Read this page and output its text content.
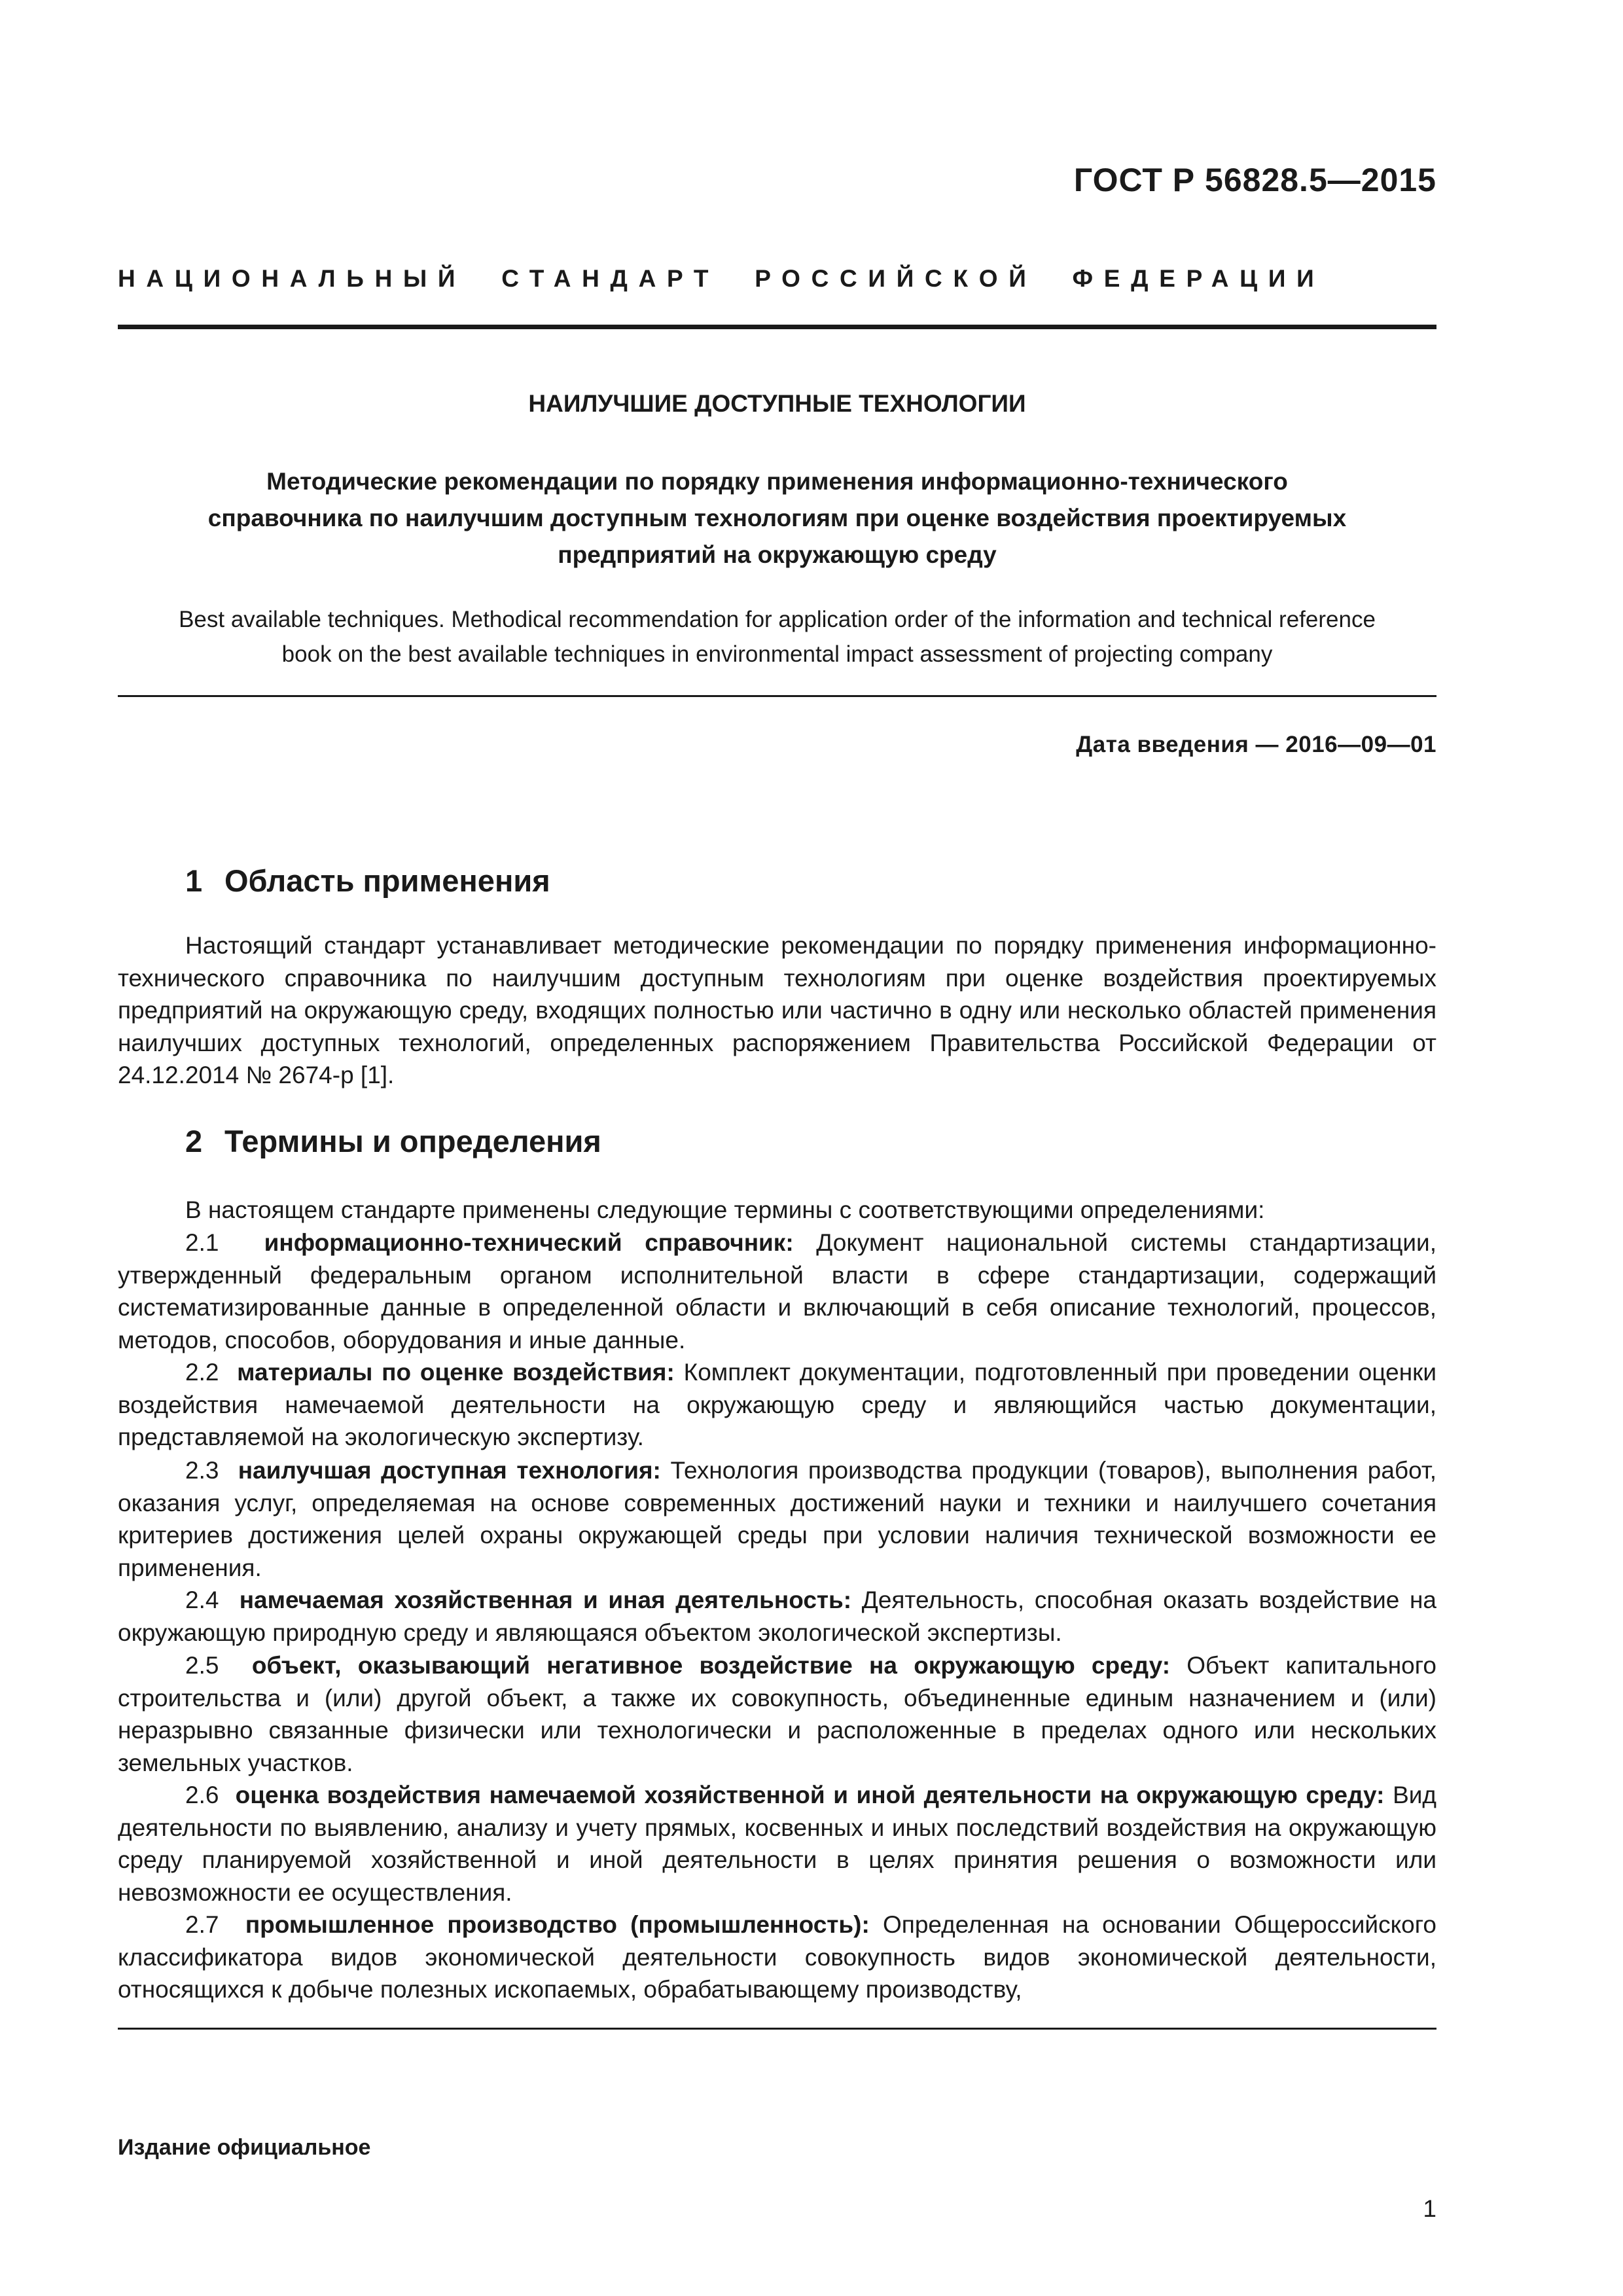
ГОСТ Р 56828.5—2015
НАЦИОНАЛЬНЫЙ СТАНДАРТ РОССИЙСКОЙ ФЕДЕРАЦИИ
НАИЛУЧШИЕ ДОСТУПНЫЕ ТЕХНОЛОГИИ
Методические рекомендации по порядку применения информационно-технического
справочника по наилучшим доступным технологиям при оценке воздействия проектируемых
предприятий на окружающую среду
Best available techniques. Methodical recommendation for application order of the information and technical reference
book on the best available techniques in environmental impact assessment of projecting company
Дата введения — 2016—09—01
1 Область применения
Настоящий стандарт устанавливает методические рекомендации по порядку применения информационно-технического справочника по наилучшим доступным технологиям при оценке воздействия проектируемых предприятий на окружающую среду, входящих полностью или частично в одну или несколько областей применения наилучших доступных технологий, определенных распоряжением Правительства Российской Федерации от 24.12.2014 № 2674-р [1].
2 Термины и определения
В настоящем стандарте применены следующие термины с соответствующими определениями:
2.1 информационно-технический справочник: Документ национальной системы стандартизации, утвержденный федеральным органом исполнительной власти в сфере стандартизации, содержащий систематизированные данные в определенной области и включающий в себя описание технологий, процессов, методов, способов, оборудования и иные данные.
2.2 материалы по оценке воздействия: Комплект документации, подготовленный при проведении оценки воздействия намечаемой деятельности на окружающую среду и являющийся частью документации, представляемой на экологическую экспертизу.
2.3 наилучшая доступная технология: Технология производства продукции (товаров), выполнения работ, оказания услуг, определяемая на основе современных достижений науки и техники и наилучшего сочетания критериев достижения целей охраны окружающей среды при условии наличия технической возможности ее применения.
2.4 намечаемая хозяйственная и иная деятельность: Деятельность, способная оказать воздействие на окружающую природную среду и являющаяся объектом экологической экспертизы.
2.5 объект, оказывающий негативное воздействие на окружающую среду: Объект капитального строительства и (или) другой объект, а также их совокупность, объединенные единым назначением и (или) неразрывно связанные физически или технологически и расположенные в пределах одного или нескольких земельных участков.
2.6 оценка воздействия намечаемой хозяйственной и иной деятельности на окружающую среду: Вид деятельности по выявлению, анализу и учету прямых, косвенных и иных последствий воздействия на окружающую среду планируемой хозяйственной и иной деятельности в целях принятия решения о возможности или невозможности ее осуществления.
2.7 промышленное производство (промышленность): Определенная на основании Общероссийского классификатора видов экономической деятельности совокупность видов экономической деятельности, относящихся к добыче полезных ископаемых, обрабатывающему производству,
Издание официальное
1
